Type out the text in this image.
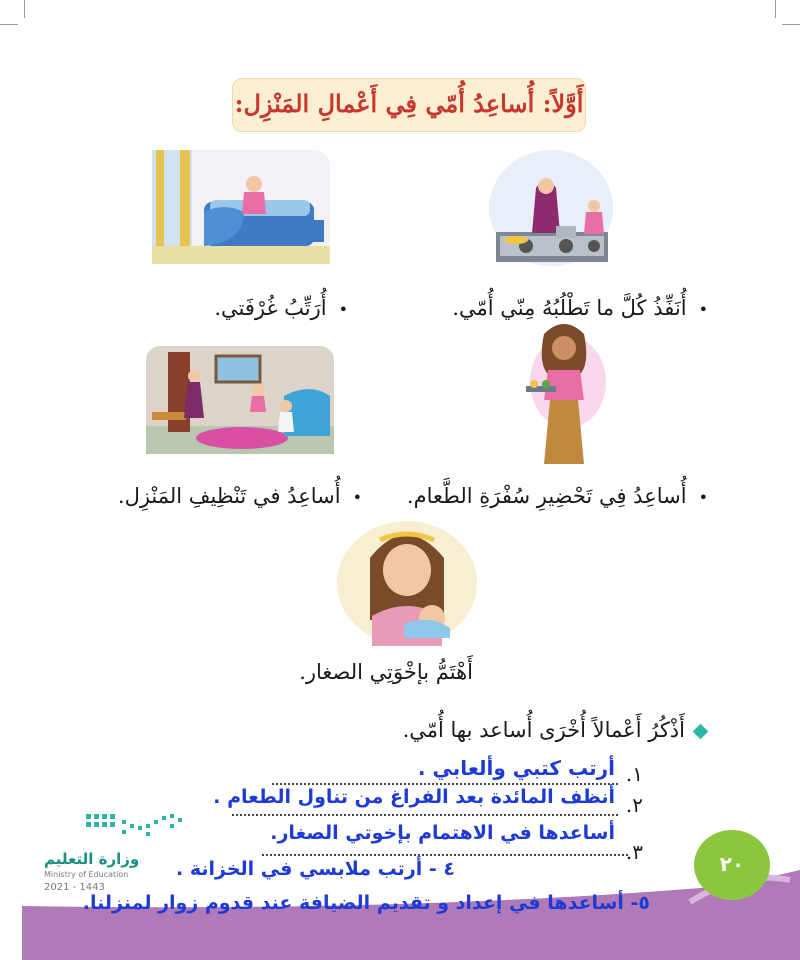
أَوَّلاً: أُساعِدُ أُمّي فِي أَعْمالِ المَنْزِل:
•أُنَفِّذُ كُلَّ ما تَطْلُبُهُ مِنّي أُمّي.
•أُرَتِّبُ غُرْفَتي.
•أُساعِدُ فِي تَحْضِيرِ سُفْرَةِ الطَّعام.
•أُساعِدُ في تَنْظِيفِ المَنْزِل.
أَهْتَمُّ بإخْوَتِي الصغار.
أَذْكُرُ أَعْمالاً أُخْرَى أُساعد بها أُمّي.
١.
أرتب كتبي وألعابي .
٢.
أنظف المائدة بعد الفراغ من تناول الطعام .
٣.
أساعدها في الاهتمام بإخوتي الصغار.
٤ - أرتب ملابسي في الخزانة .
٥- أساعدها في إعداد و تقديم الضيافة عند قدوم زوار لمنزلنا.
٢٠
وزارة التعليم
Ministry of Education
2021 - 1443
